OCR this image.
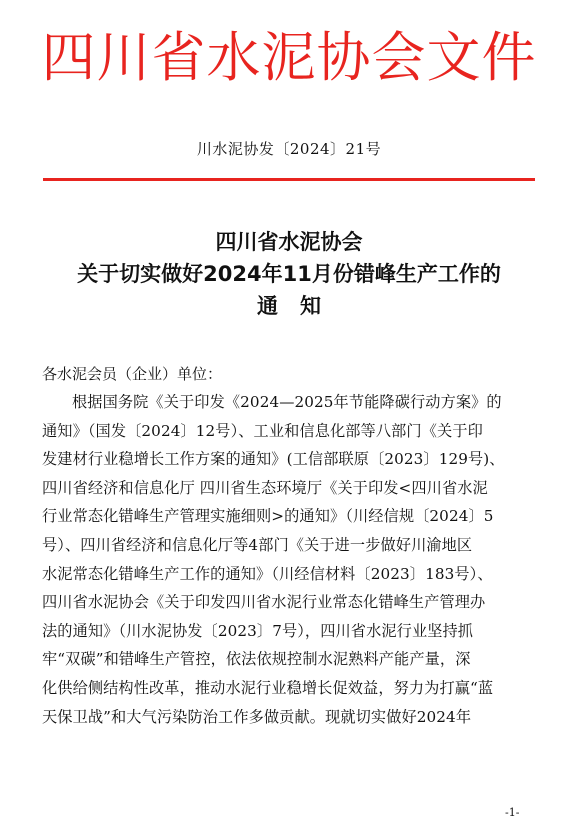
四川省水泥协会文件
川水泥协发〔2024〕21号
四川省水泥协会
关于切实做好2024年11月份错峰生产工作的
通知
各水泥会员（企业）单位：
根据国务院《关于印发《2024—2025年节能降碳行动方案》的
通知》（国发〔2024〕12号）、工业和信息化部等八部门《关于印
发建材行业稳增长工作方案的通知》(工信部联原〔2023〕129号)、
四川省经济和信息化厅 四川省生态环境厅《关于印发<四川省水泥
行业常态化错峰生产管理实施细则>的通知》（川经信规〔2024〕5
号）、四川省经济和信息化厅等4部门《关于进一步做好川渝地区
水泥常态化错峰生产工作的通知》（川经信材料〔2023〕183号）、
四川省水泥协会《关于印发四川省水泥行业常态化错峰生产管理办
法的通知》（川水泥协发〔2023〕7号），四川省水泥行业坚持抓
牢“双碳”和错峰生产管控，依法依规控制水泥熟料产能产量，深
化供给侧结构性改革，推动水泥行业稳增长促效益，努力为打赢“蓝
天保卫战”和大气污染防治工作多做贡献。现就切实做好2024年
-1-
